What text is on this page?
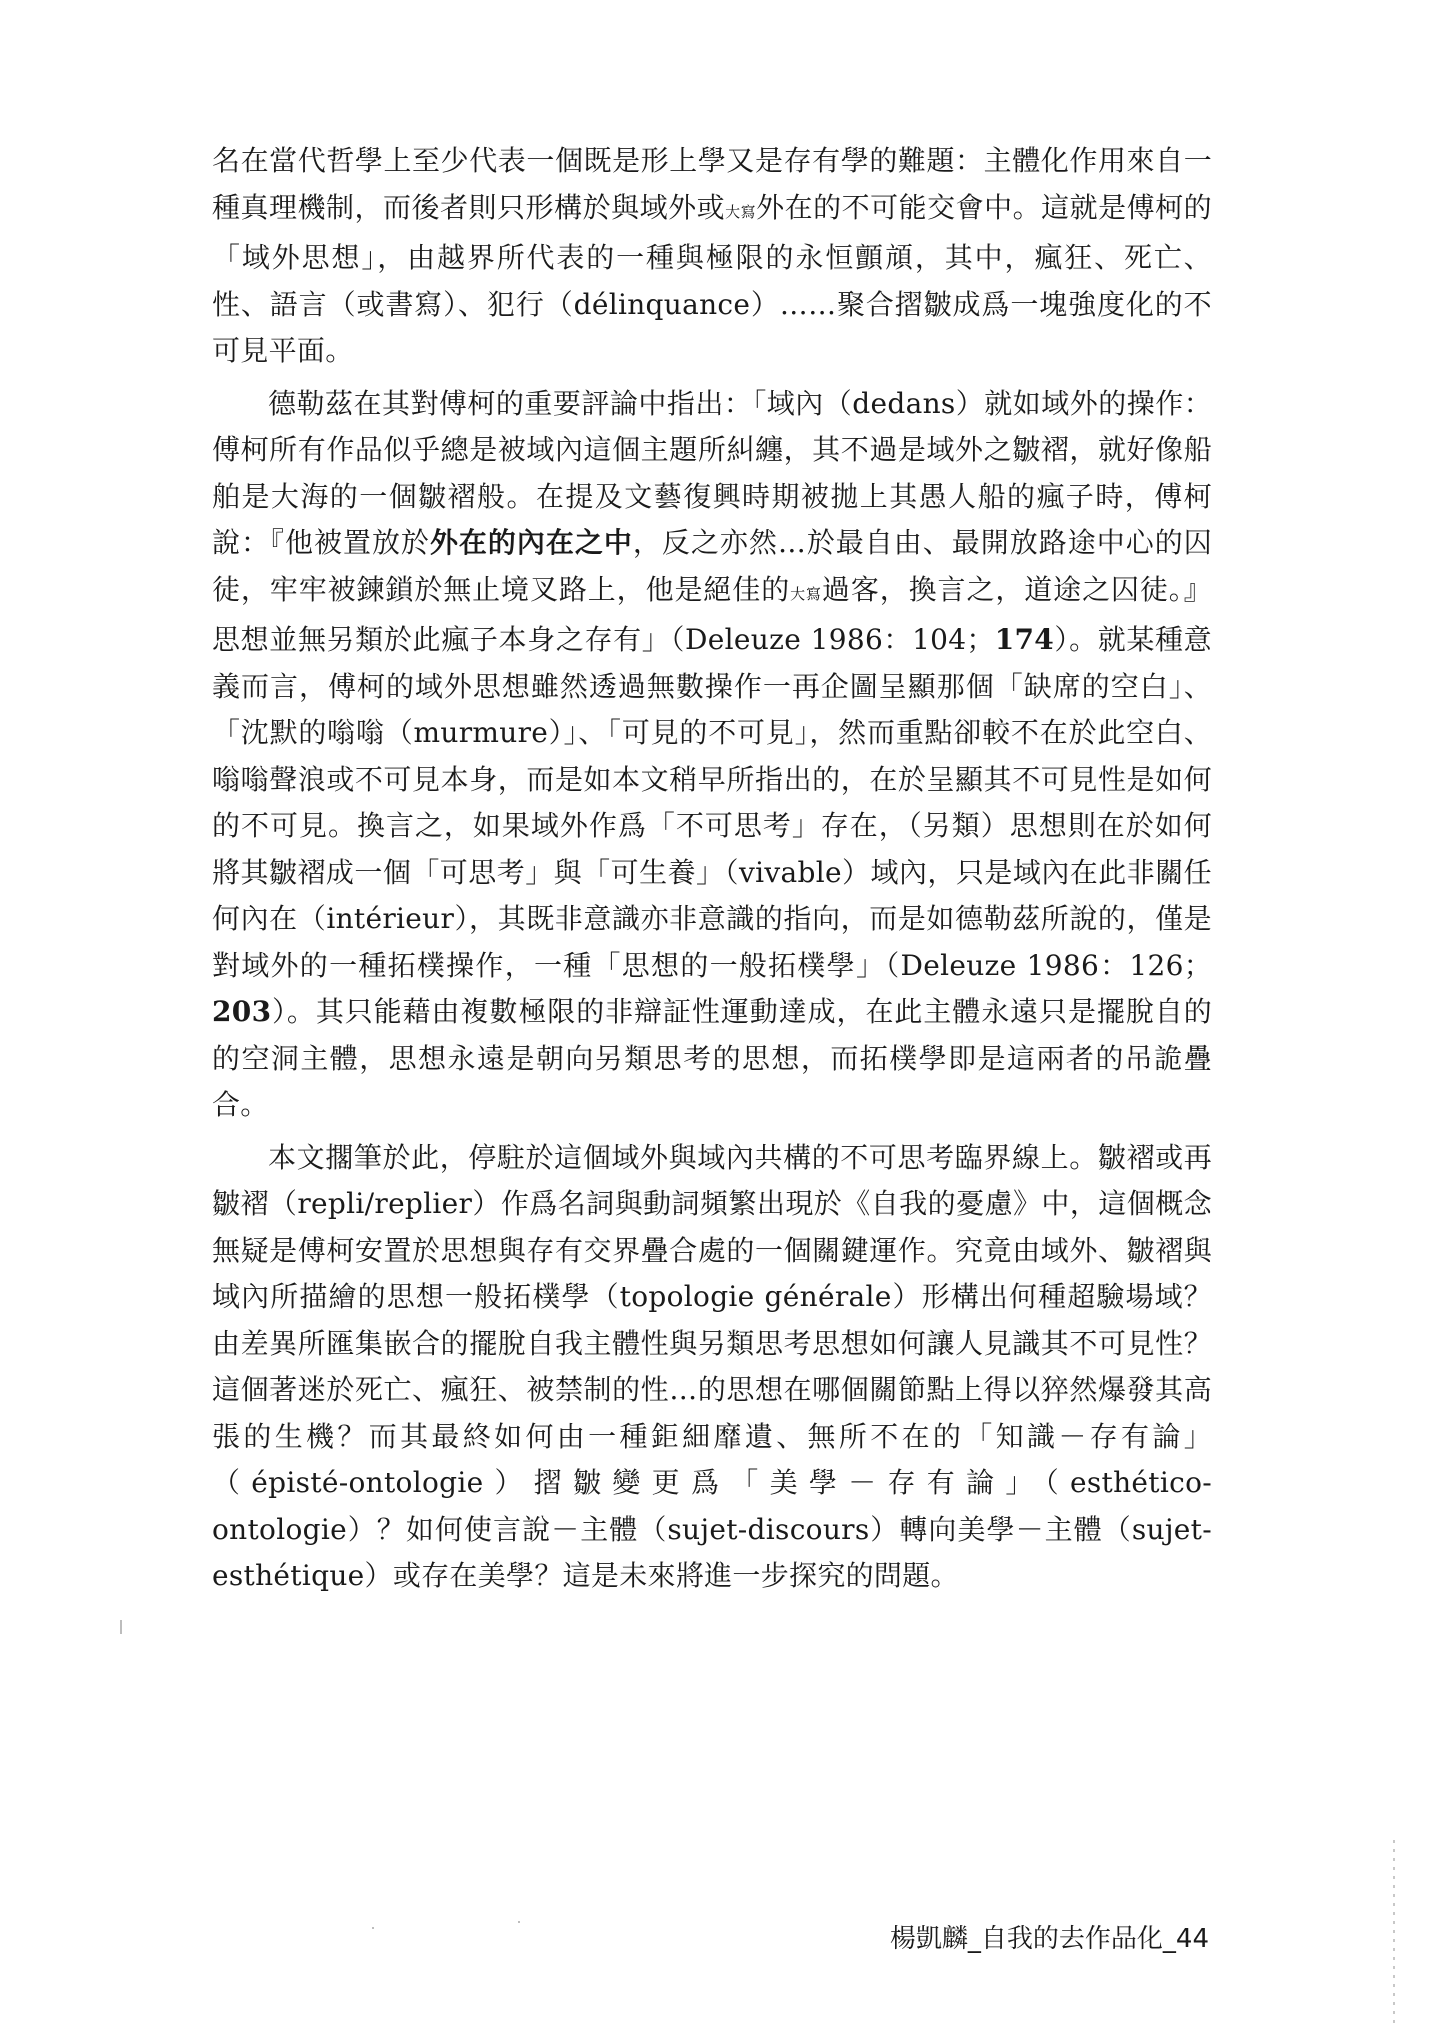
名在當代哲學上至少代表一個既是形上學又是存有學的難題：主體化作用來自一種真理機制，而後者則只形構於與域外或大寫外在的不可能交會中。這就是傅柯的「域外思想」，由越界所代表的一種與極限的永恒顫頏，其中，瘋狂、死亡、性、語言（或書寫）、犯行（délinquance）……聚合摺皺成爲一塊強度化的不可見平面。

德勒茲在其對傅柯的重要評論中指出：「域內（dedans）就如域外的操作：傅柯所有作品似乎總是被域內這個主題所糾纏，其不過是域外之皺褶，就好像船舶是大海的一個皺褶般。在提及文藝復興時期被拋上其愚人船的瘋子時，傅柯說：『他被置放於外在的內在之中，反之亦然…於最自由、最開放路途中心的囚徒，牢牢被鍊鎖於無止境叉路上，他是絕佳的大寫過客，換言之，道途之囚徒。』思想並無另類於此瘋子本身之存有」（Deleuze 1986：104；174）。就某種意義而言，傅柯的域外思想雖然透過無數操作一再企圖呈顯那個「缺席的空白」、「沈默的嗡嗡（murmure）」、「可見的不可見」，然而重點卻較不在於此空白、嗡嗡聲浪或不可見本身，而是如本文稍早所指出的，在於呈顯其不可見性是如何的不可見。換言之，如果域外作爲「不可思考」存在，（另類）思想則在於如何將其皺褶成一個「可思考」與「可生養」（vivable）域內，只是域內在此非關任何內在（intérieur），其既非意識亦非意識的指向，而是如德勒茲所說的，僅是對域外的一種拓樸操作，一種「思想的一般拓樸學」（Deleuze 1986：126；203）。其只能藉由複數極限的非辯証性運動達成，在此主體永遠只是擺脫自的的空洞主體，思想永遠是朝向另類思考的思想，而拓樸學即是這兩者的吊詭疊合。

本文擱筆於此，停駐於這個域外與域內共構的不可思考臨界線上。皺褶或再皺褶（repli/replier）作爲名詞與動詞頻繁出現於《自我的憂慮》中，這個概念無疑是傅柯安置於思想與存有交界疊合處的一個關鍵運作。究竟由域外、皺褶與域內所描繪的思想一般拓樸學（topologie générale）形構出何種超驗場域？由差異所匯集嵌合的擺脫自我主體性與另類思考思想如何讓人見識其不可見性？這個著迷於死亡、瘋狂、被禁制的性…的思想在哪個關節點上得以猝然爆發其高張的生機？而其最終如何由一種鉅細靡遺、無所不在的「知識－存有論」（épisté-ontologie）摺皺變更爲「美學－存有論」（esthético-ontologie）？如何使言說－主體（sujet-discours）轉向美學－主體（sujet-esthétique）或存在美學？這是未來將進一步探究的問題。

楊凱麟_自我的去作品化_44
